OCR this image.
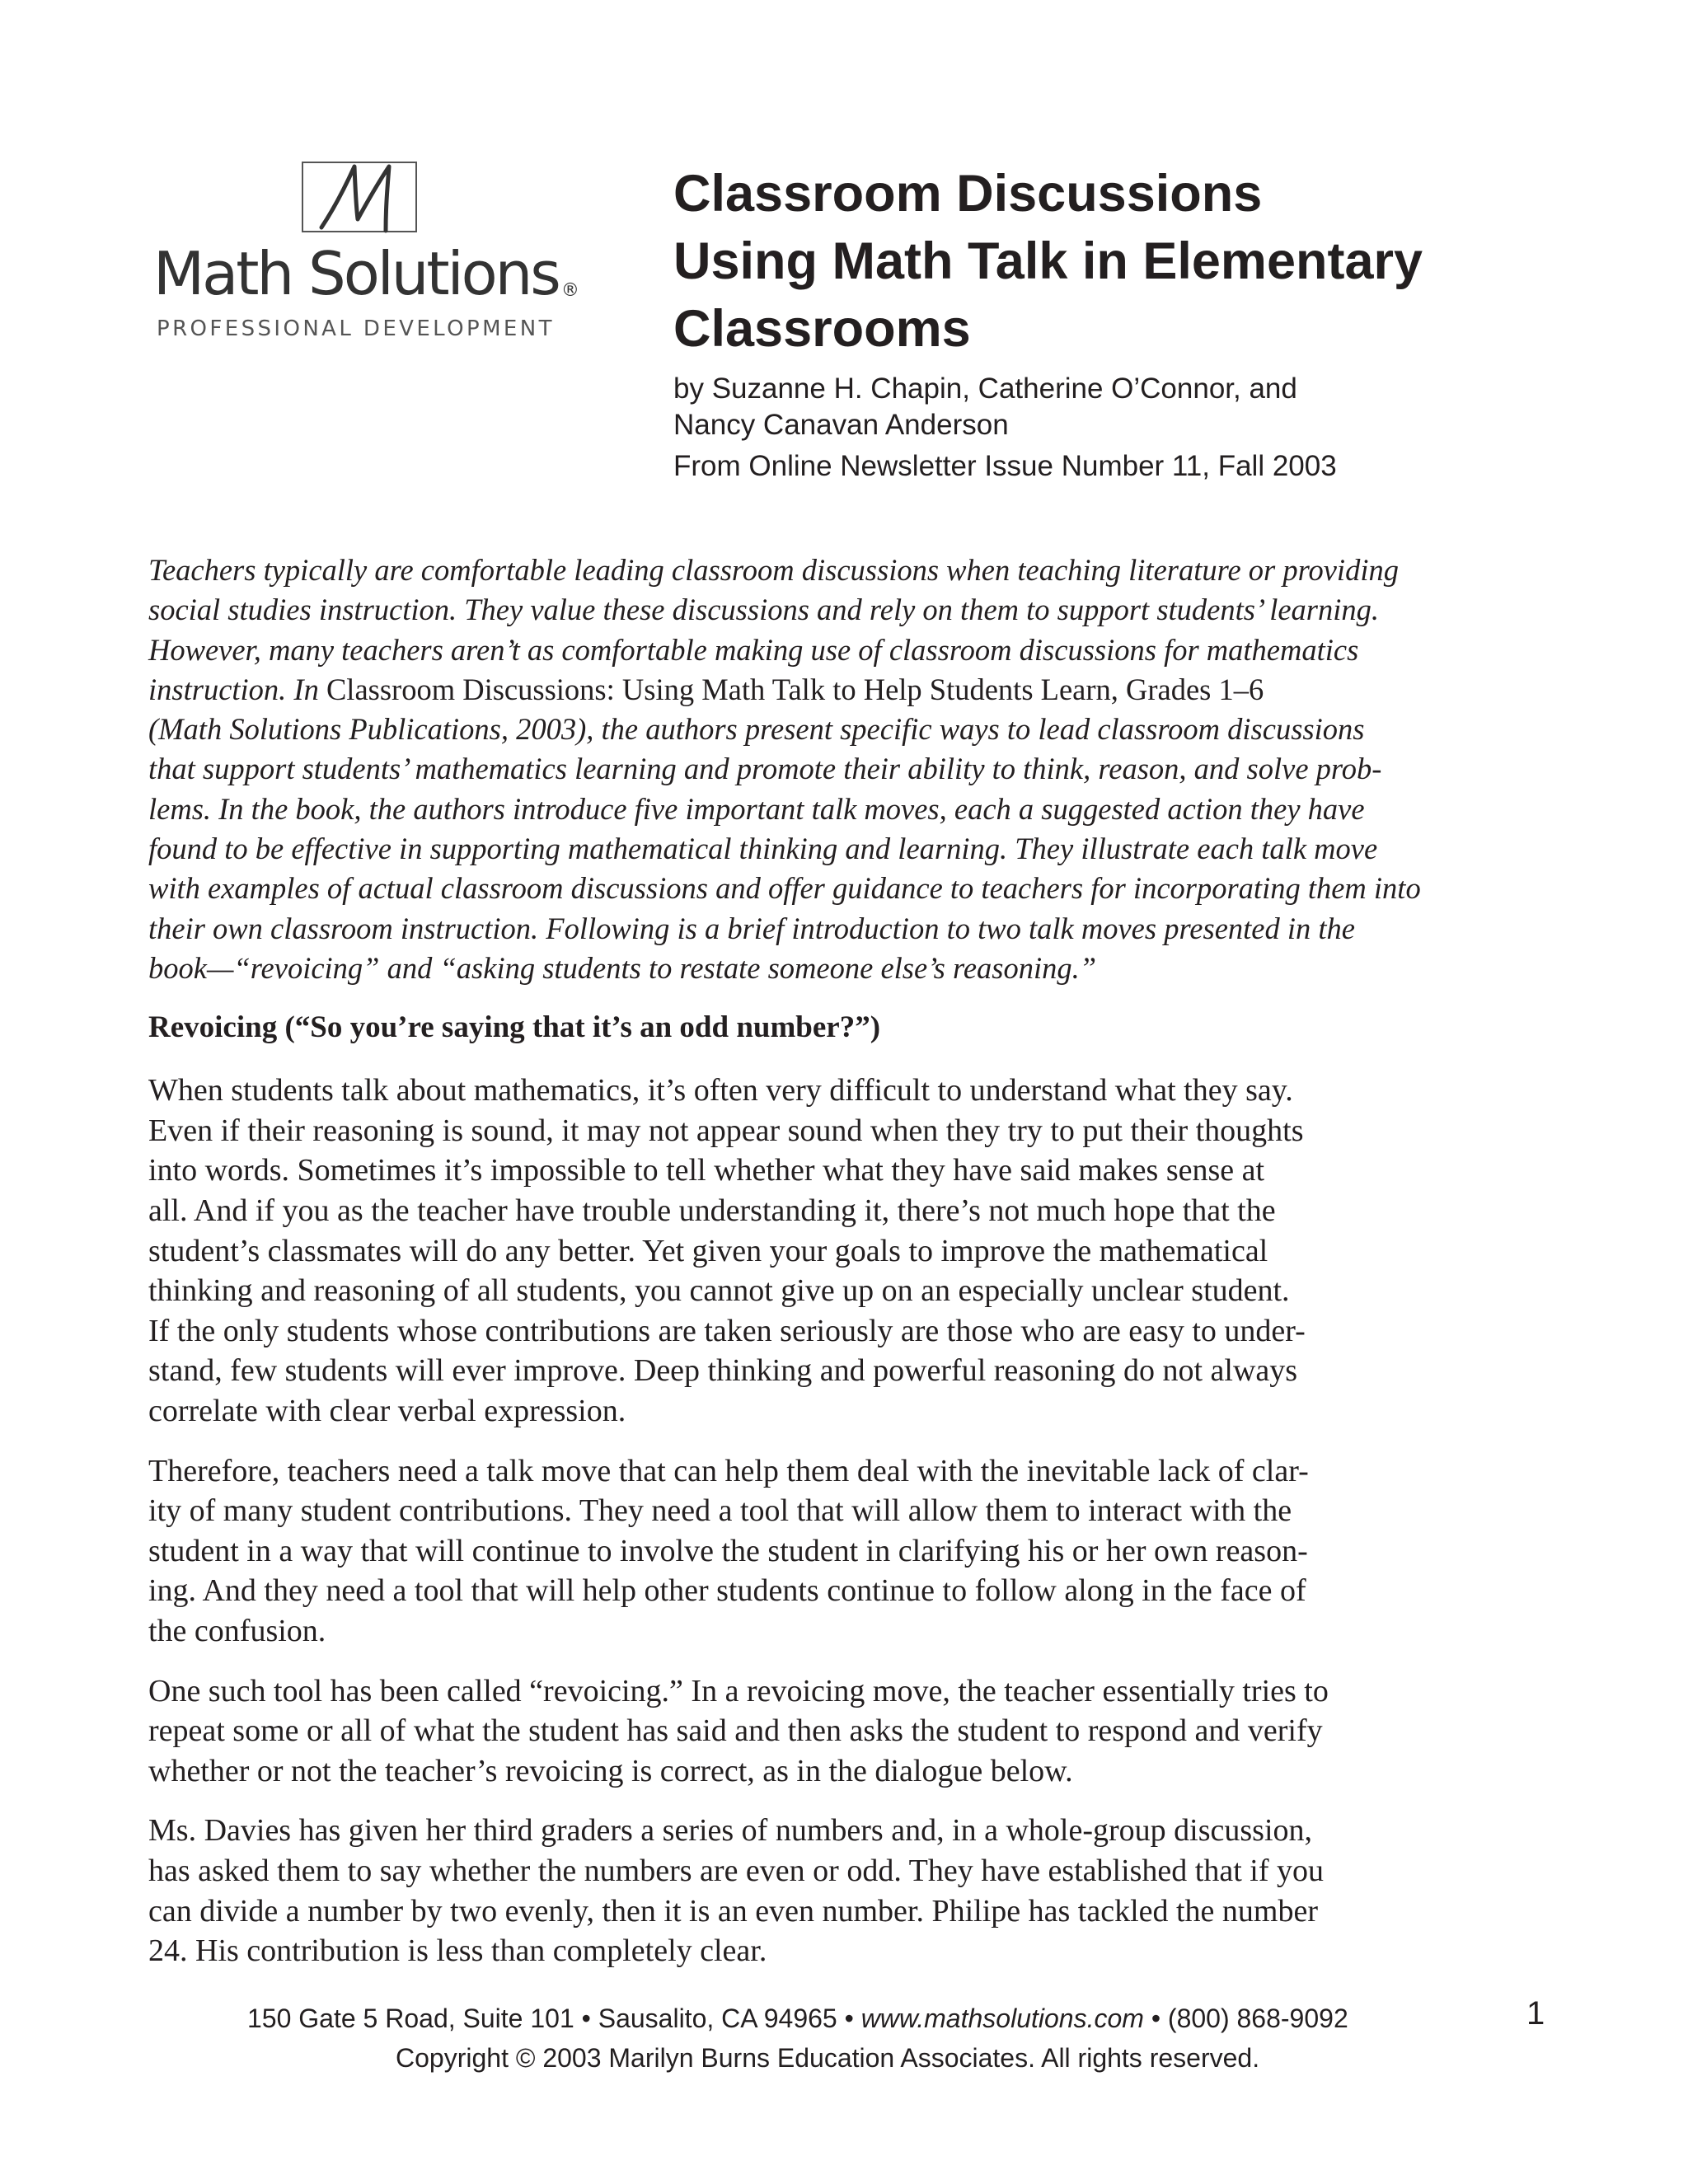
Math Solutions ®
PROFESSIONAL DEVELOPMENT
Classroom Discussions
Using Math Talk in Elementary
Classrooms
by Suzanne H. Chapin, Catherine O’Connor, and
Nancy Canavan Anderson
From Online Newsletter Issue Number 11, Fall 2003

Teachers typically are comfortable leading classroom discussions when teaching literature or providing
social studies instruction. They value these discussions and rely on them to support students’ learning.
However, many teachers aren’t as comfortable making use of classroom discussions for mathematics
instruction. In Classroom Discussions: Using Math Talk to Help Students Learn, Grades 1–6
(Math Solutions Publications, 2003), the authors present specific ways to lead classroom discussions
that support students’ mathematics learning and promote their ability to think, reason, and solve prob-
lems. In the book, the authors introduce five important talk moves, each a suggested action they have
found to be effective in supporting mathematical thinking and learning. They illustrate each talk move
with examples of actual classroom discussions and offer guidance to teachers for incorporating them into
their own classroom instruction. Following is a brief introduction to two talk moves presented in the
book—“revoicing” and “asking students to restate someone else’s reasoning.”

Revoicing (“So you’re saying that it’s an odd number?”)

When students talk about mathematics, it’s often very difficult to understand what they say.
Even if their reasoning is sound, it may not appear sound when they try to put their thoughts
into words. Sometimes it’s impossible to tell whether what they have said makes sense at
all. And if you as the teacher have trouble understanding it, there’s not much hope that the
student’s classmates will do any better. Yet given your goals to improve the mathematical
thinking and reasoning of all students, you cannot give up on an especially unclear student.
If the only students whose contributions are taken seriously are those who are easy to under-
stand, few students will ever improve. Deep thinking and powerful reasoning do not always
correlate with clear verbal expression.

Therefore, teachers need a talk move that can help them deal with the inevitable lack of clar-
ity of many student contributions. They need a tool that will allow them to interact with the
student in a way that will continue to involve the student in clarifying his or her own reason-
ing. And they need a tool that will help other students continue to follow along in the face of
the confusion.

One such tool has been called “revoicing.” In a revoicing move, the teacher essentially tries to
repeat some or all of what the student has said and then asks the student to respond and verify
whether or not the teacher’s revoicing is correct, as in the dialogue below.

Ms. Davies has given her third graders a series of numbers and, in a whole-group discussion,
has asked them to say whether the numbers are even or odd. They have established that if you
can divide a number by two evenly, then it is an even number. Philipe has tackled the number
24. His contribution is less than completely clear.

150 Gate 5 Road, Suite 101 • Sausalito, CA 94965 • www.mathsolutions.com • (800) 868-9092
Copyright © 2003 Marilyn Burns Education Associates. All rights reserved.
1
